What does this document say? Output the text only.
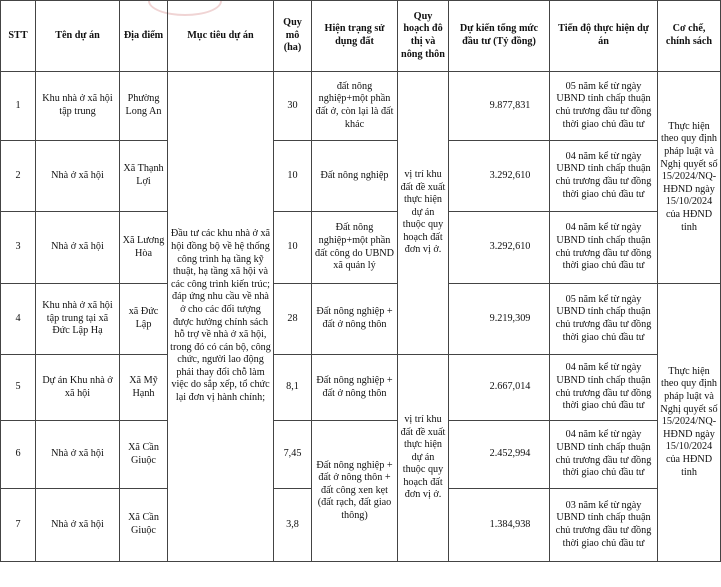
STT	Tên dự án	Địa điểm	Mục tiêu dự án	Quy mô (ha)	Hiện trạng sử dụng đất	Quy hoạch đô thị và nông thôn	Dự kiến tổng mức đầu tư (Tỷ đồng)	Tiến độ thực hiện dự án	Cơ chế, chính sách
1	Khu nhà ở xã hội tập trung	Phường Long An	Đầu tư các khu nhà ở xã hội đồng bộ về hệ thống công trình hạ tầng kỹ thuật, hạ tầng xã hội và các công trình kiến trúc; đáp ứng nhu cầu về nhà ở cho các đối tượng được hưởng chính sách hỗ trợ về nhà ở xã hội, trong đó có cán bộ, công chức, người lao động phải thay đổi chỗ làm việc do sắp xếp, tổ chức lại đơn vị hành chính;	30	đất nông nghiệp+một phần đất ở, còn lại là đất khác	vị trí khu đất đề xuất thực hiện dự án thuộc quy hoạch đất đơn vị ở.	9.877,831	05 năm kể từ ngày UBND tỉnh chấp thuận chủ trương đầu tư đồng thời giao chủ đầu tư	Thực hiện theo quy định pháp luật và Nghị quyết số 15/2024/NQ-HĐND ngày 15/10/2024 của HĐND tỉnh
2	Nhà ở xã hội	Xã Thạnh Lợi		10	Đất nông nghiệp		3.292,610	04 năm kể từ ngày UBND tỉnh chấp thuận chủ trương đầu tư đồng thời giao chủ đầu tư	
3	Nhà ở xã hội	Xã Lương Hòa		10	Đất nông nghiệp+một phần đất công do UBND xã quản lý		3.292,610	04 năm kể từ ngày UBND tỉnh chấp thuận chủ trương đầu tư đồng thời giao chủ đầu tư	
4	Khu nhà ở xã hội tập trung tại xã Đức Lập Hạ	xã Đức Lập		28	Đất nông nghiệp + đất ở nông thôn		9.219,309	05 năm kể từ ngày UBND tỉnh chấp thuận chủ trương đầu tư đồng thời giao chủ đầu tư	Thực hiện theo quy định pháp luật và Nghị quyết số 15/2024/NQ-HĐND ngày 15/10/2024 của HĐND tỉnh
5	Dự án Khu nhà ở xã hội	Xã Mỹ Hạnh		8,1	Đất nông nghiệp + đất ở nông thôn	vị trí khu đất đề xuất thực hiện dự án thuộc quy hoạch đất đơn vị ở.	2.667,014	04 năm kể từ ngày UBND tỉnh chấp thuận chủ trương đầu tư đồng thời giao chủ đầu tư	
6	Nhà ở xã hội	Xã Cần Giuộc		7,45	Đất nông nghiệp + đất ở nông thôn + đất công xen kẹt (đất rạch, đất giao thông)		2.452,994	04 năm kể từ ngày UBND tỉnh chấp thuận chủ trương đầu tư đồng thời giao chủ đầu tư	
7	Nhà ở xã hội	Xã Cần Giuộc		3,8			1.384,938	03 năm kể từ ngày UBND tỉnh chấp thuận chủ trương đầu tư đồng thời giao chủ đầu tư	
